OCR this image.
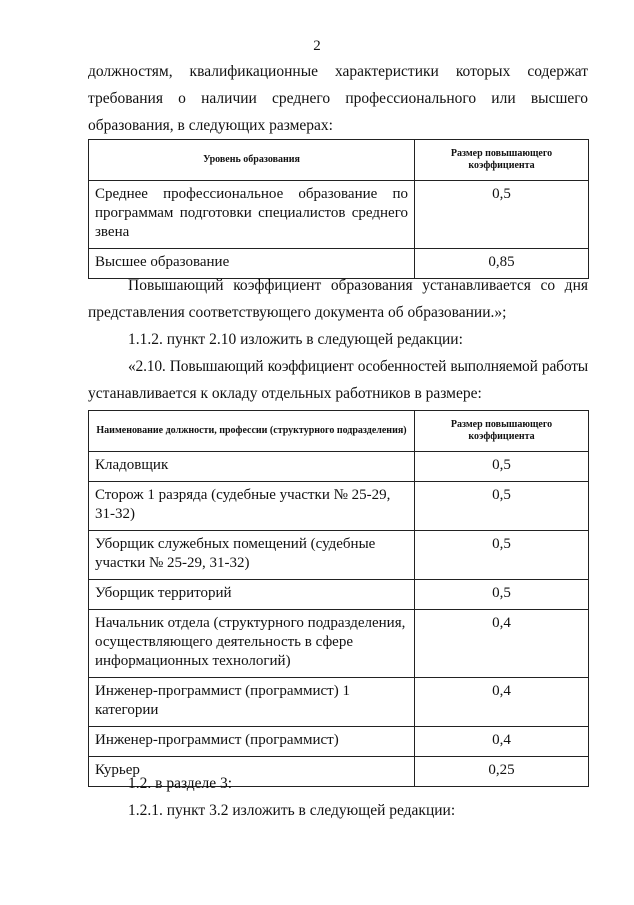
2
должностям, квалификационные характеристики которых содержат
требования о наличии среднего профессионального или высшего
образования, в следующих размерах:
Уровень образования	Размер повышающего коэффициента
Среднее профессиональное образование по программам подготовки специалистов среднего звена	0,5
Высшее образование	0,85
Повышающий коэффициент образования устанавливается со дня
представления соответствующего документа об образовании.»;
1.1.2. пункт 2.10 изложить в следующей редакции:
«2.10. Повышающий коэффициент особенностей выполняемой работы
устанавливается к окладу отдельных работников в размере:
Наименование должности, профессии (структурного подразделения)	Размер повышающего коэффициента
Кладовщик	0,5
Сторож 1 разряда (судебные участки № 25-29, 31-32)	0,5
Уборщик служебных помещений (судебные участки № 25-29, 31-32)	0,5
Уборщик территорий	0,5
Начальник отдела (структурного подразделения, осуществляющего деятельность в сфере информационных технологий)	0,4
Инженер-программист (программист) 1 категории	0,4
Инженер-программист (программист)	0,4
Курьер	0,25
1.2. в разделе 3:
1.2.1. пункт 3.2 изложить в следующей редакции:
